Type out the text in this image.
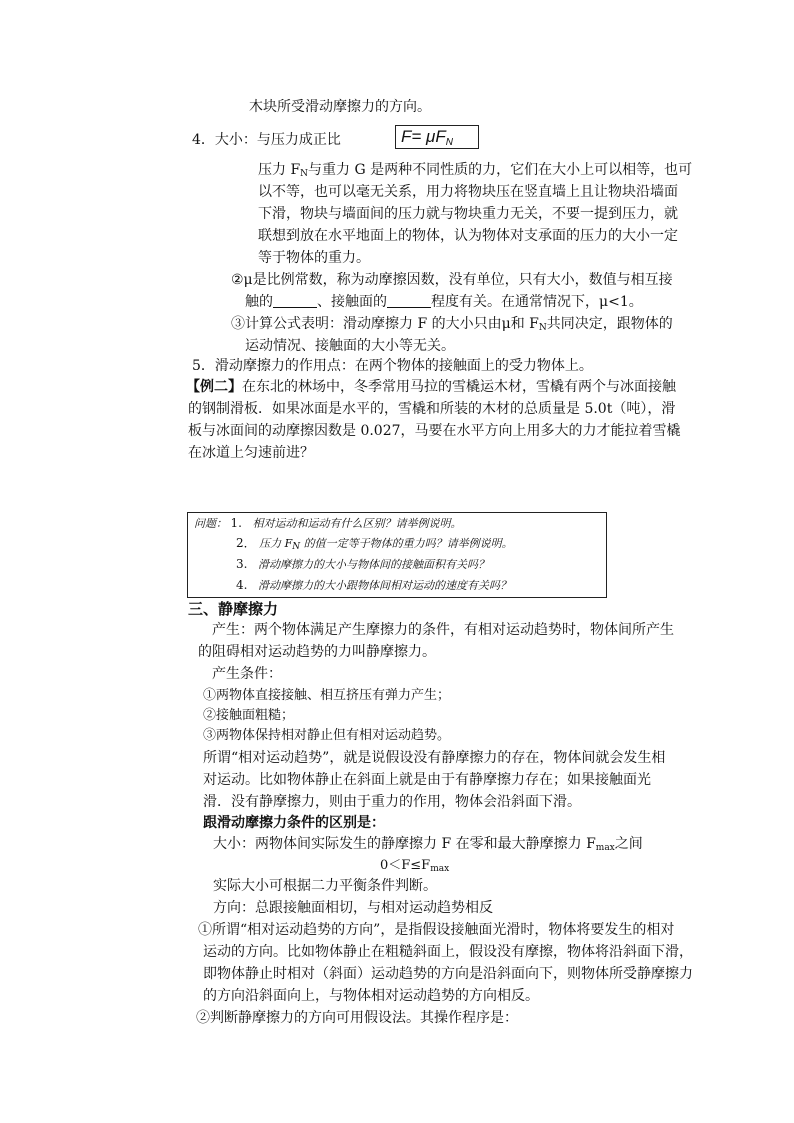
木块所受滑动摩擦力的方向。
4．大小：与压力成正比	$F= \mu F_N$
压力 $F_N$与重力 G 是两种不同性质的力，它们在大小上可以相等，也可
以不等，也可以毫无关系，用力将物块压在竖直墙上且让物块沿墙面
下滑，物块与墙面间的压力就与物块重力无关，不要一提到压力，就
联想到放在水平地面上的物体，认为物体对支承面的压力的大小一定
等于物体的重力。
②μ是比例常数，称为动摩擦因数，没有单位，只有大小，数值与相互接
触的	、接触面的	程度有关。在通常情况下，μ<1。
③计算公式表明：滑动摩擦力 F 的大小只由μ和 $F_N$共同决定，跟物体的
运动情况、接触面的大小等无关。
5．滑动摩擦力的作用点：在两个物体的接触面上的受力物体上。
【例二】在东北的林场中，冬季常用马拉的雪橇运木材，雪橇有两个与冰面接触
的钢制滑板．如果冰面是水平的，雪橇和所装的木材的总质量是 5.0t（吨），滑
板与冰面间的动摩擦因数是 0.027，马要在水平方向上用多大的力才能拉着雪橇
在冰道上匀速前进？
问题： 1. 相对运动和运动有什么区别？请举例说明。
2． 压力 $F_N$ 的值一定等于物体的重力吗？请举例说明。
3. 滑动摩擦力的大小与物体间的接触面积有关吗？
4. 滑动摩擦力的大小跟物体间相对运动的速度有关吗？
三、静摩擦力
产生：两个物体满足产生摩擦力的条件，有相对运动趋势时，物体间所产生
的阻碍相对运动趋势的力叫静摩擦力。
产生条件：
①两物体直接接触、相互挤压有弹力产生；
②接触面粗糙；
③两物体保持相对静止但有相对运动趋势。
所谓“相对运动趋势”，就是说假设没有静摩擦力的存在，物体间就会发生相
对运动。比如物体静止在斜面上就是由于有静摩擦力存在；如果接触面光
滑．没有静摩擦力，则由于重力的作用，物体会沿斜面下滑。
跟滑动摩擦力条件的区别是：
大小：两物体间实际发生的静摩擦力 F 在零和最大静摩擦力 $F_{max}$之间
$0<F\le F_{max}$
实际大小可根据二力平衡条件判断。
方向：总跟接触面相切，与相对运动趋势相反
①所谓“相对运动趋势的方向”，是指假设接触面光滑时，物体将要发生的相对
运动的方向。比如物体静止在粗糙斜面上，假设没有摩擦，物体将沿斜面下滑，
即物体静止时相对（斜面）运动趋势的方向是沿斜面向下，则物体所受静摩擦力
的方向沿斜面向上，与物体相对运动趋势的方向相反。
②判断静摩擦力的方向可用假设法。其操作程序是：
